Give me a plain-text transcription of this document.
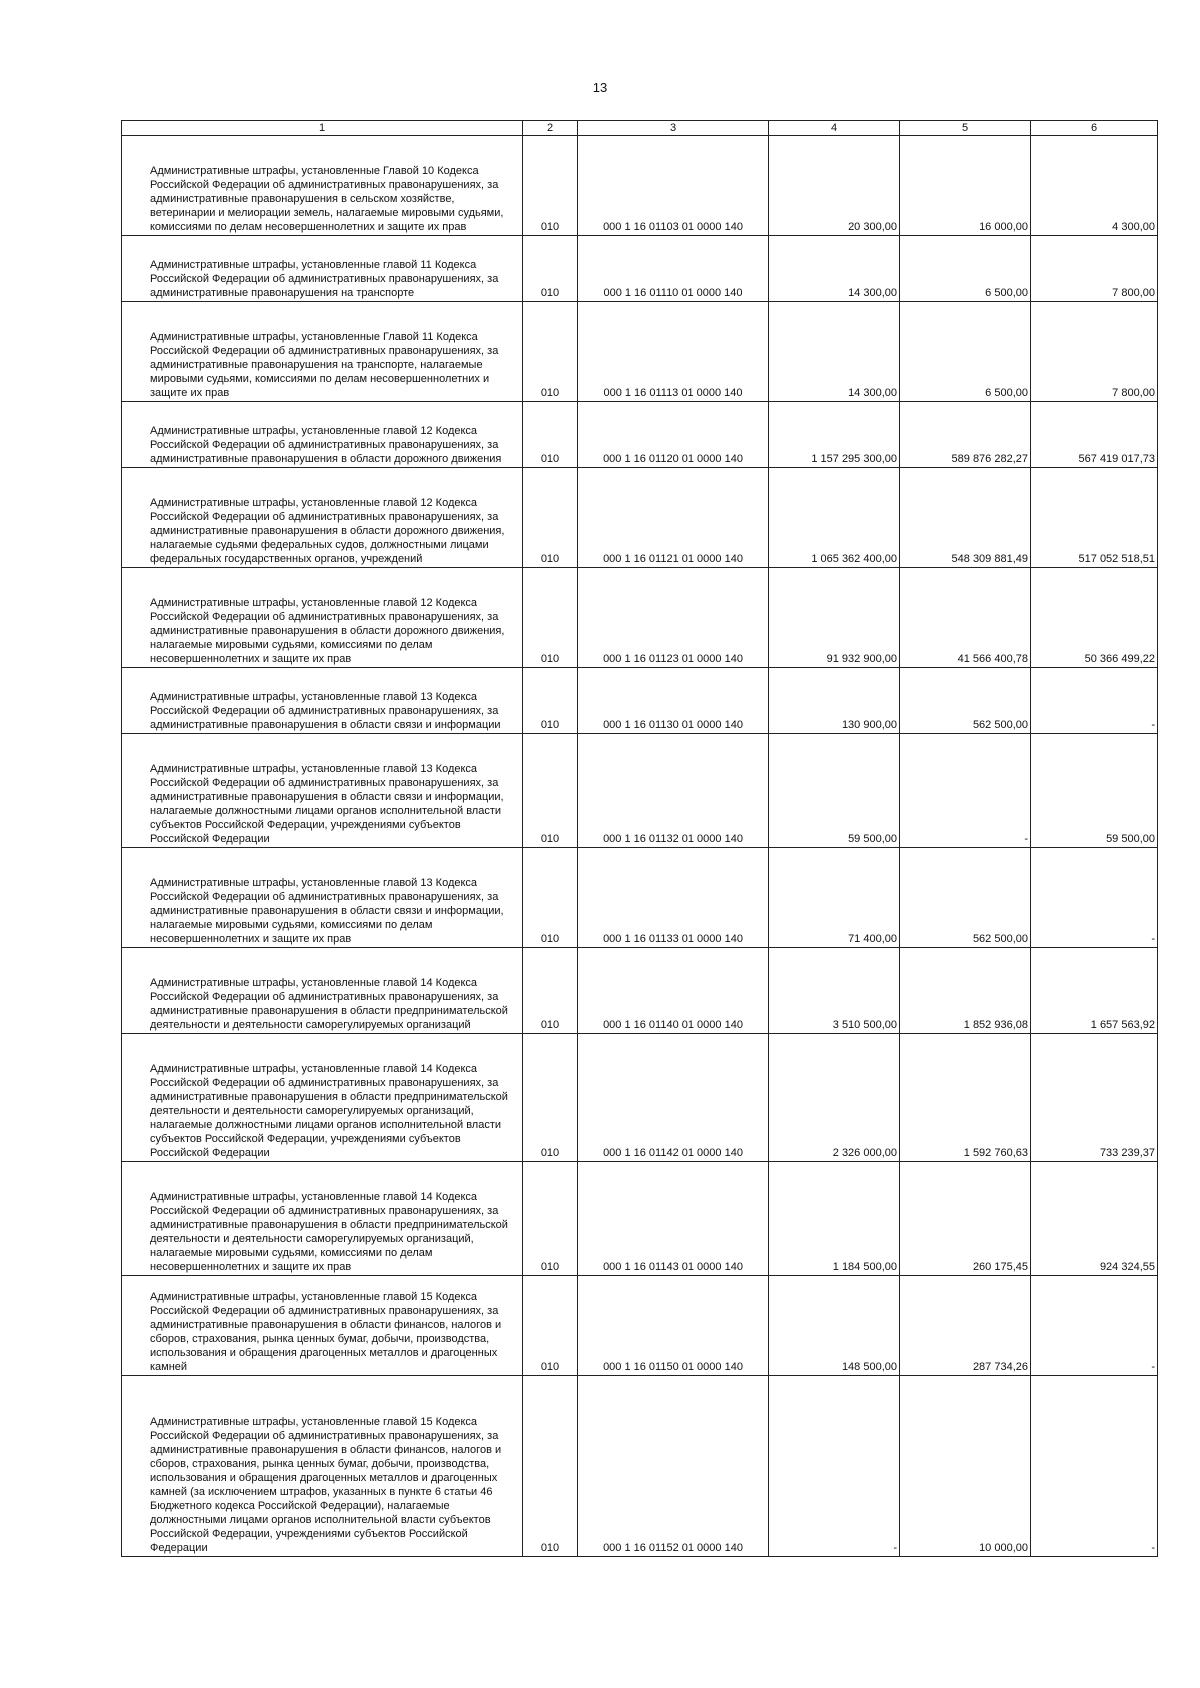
13
1	2	3	4	5	6
Административные штрафы, установленные Главой 10 Кодекса Российской Федерации об административных правонарушениях, за административные правонарушения в сельском хозяйстве, ветеринарии и мелиорации земель, налагаемые мировыми судьями, комиссиями по делам несовершеннолетних и защите их прав	010	000 1 16 01103 01 0000 140	20 300,00	16 000,00	4 300,00
Административные штрафы, установленные главой 11 Кодекса Российской Федерации об административных правонарушениях, за административные правонарушения на транспорте	010	000 1 16 01110 01 0000 140	14 300,00	6 500,00	7 800,00
Административные штрафы, установленные Главой 11 Кодекса Российской Федерации об административных правонарушениях, за административные правонарушения на транспорте, налагаемые мировыми судьями, комиссиями по делам несовершеннолетних и защите их прав	010	000 1 16 01113 01 0000 140	14 300,00	6 500,00	7 800,00
Административные штрафы, установленные главой 12 Кодекса Российской Федерации об административных правонарушениях, за административные правонарушения в области дорожного движения	010	000 1 16 01120 01 0000 140	1 157 295 300,00	589 876 282,27	567 419 017,73
Административные штрафы, установленные главой 12 Кодекса Российской Федерации об административных правонарушениях, за административные правонарушения в области дорожного движения, налагаемые судьями федеральных судов, должностными лицами федеральных государственных органов, учреждений	010	000 1 16 01121 01 0000 140	1 065 362 400,00	548 309 881,49	517 052 518,51
Административные штрафы, установленные главой 12 Кодекса Российской Федерации об административных правонарушениях, за административные правонарушения в области дорожного движения, налагаемые мировыми судьями, комиссиями по делам несовершеннолетних и защите их прав	010	000 1 16 01123 01 0000 140	91 932 900,00	41 566 400,78	50 366 499,22
Административные штрафы, установленные главой 13 Кодекса Российской Федерации об административных правонарушениях, за административные правонарушения в области связи и информации	010	000 1 16 01130 01 0000 140	130 900,00	562 500,00	-
Административные штрафы, установленные главой 13 Кодекса Российской Федерации об административных правонарушениях, за административные правонарушения в области связи и информации, налагаемые должностными лицами органов исполнительной власти субъектов Российской Федерации, учреждениями субъектов Российской Федерации	010	000 1 16 01132 01 0000 140	59 500,00	-	59 500,00
Административные штрафы, установленные главой 13 Кодекса Российской Федерации об административных правонарушениях, за административные правонарушения в области связи и информации, налагаемые мировыми судьями, комиссиями по делам несовершеннолетних и защите их прав	010	000 1 16 01133 01 0000 140	71 400,00	562 500,00	-
Административные штрафы, установленные главой 14 Кодекса Российской Федерации об административных правонарушениях, за административные правонарушения в области предпринимательской деятельности и деятельности саморегулируемых организаций	010	000 1 16 01140 01 0000 140	3 510 500,00	1 852 936,08	1 657 563,92
Административные штрафы, установленные главой 14 Кодекса Российской Федерации об административных правонарушениях, за административные правонарушения в области предпринимательской деятельности и деятельности саморегулируемых организаций, налагаемые должностными лицами органов исполнительной власти субъектов Российской Федерации, учреждениями субъектов Российской Федерации	010	000 1 16 01142 01 0000 140	2 326 000,00	1 592 760,63	733 239,37
Административные штрафы, установленные главой 14 Кодекса Российской Федерации об административных правонарушениях, за административные правонарушения в области предпринимательской деятельности и деятельности саморегулируемых организаций, налагаемые мировыми судьями, комиссиями по делам несовершеннолетних и защите их прав	010	000 1 16 01143 01 0000 140	1 184 500,00	260 175,45	924 324,55
Административные штрафы, установленные главой 15 Кодекса Российской Федерации об административных правонарушениях, за административные правонарушения в области финансов, налогов и сборов, страхования, рынка ценных бумаг, добычи, производства, использования и обращения драгоценных металлов и драгоценных камней	010	000 1 16 01150 01 0000 140	148 500,00	287 734,26	-
Административные штрафы, установленные главой 15 Кодекса Российской Федерации об административных правонарушениях, за административные правонарушения в области финансов, налогов и сборов, страхования, рынка ценных бумаг, добычи, производства, использования и обращения драгоценных металлов и драгоценных камней (за исключением штрафов, указанных в пункте 6 статьи 46 Бюджетного кодекса Российской Федерации), налагаемые должностными лицами органов исполнительной власти субъектов Российской Федерации, учреждениями субъектов Российской Федерации	010	000 1 16 01152 01 0000 140	-	10 000,00	-
